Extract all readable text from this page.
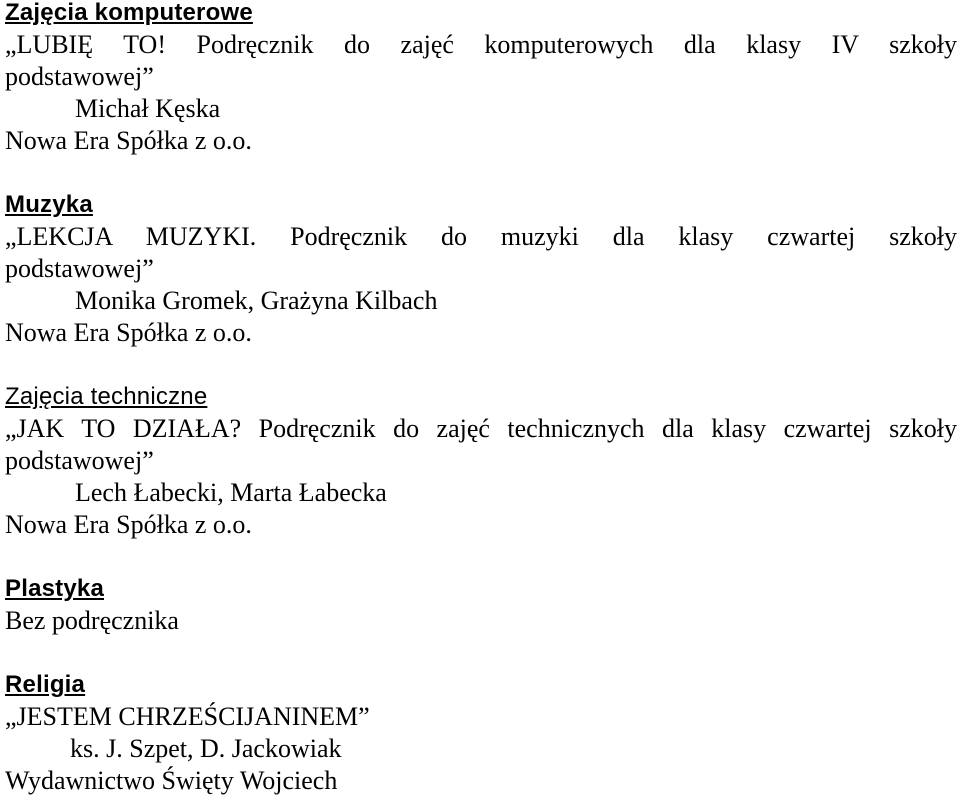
Zajęcia komputerowe
„LUBIĘ TO! Podręcznik do zajęć komputerowych dla klasy IV szkoły
podstawowej”
Michał Kęska
Nowa Era Spółka z o.o.
Muzyka
„LEKCJA MUZYKI. Podręcznik do muzyki dla klasy czwartej szkoły
podstawowej”
Monika Gromek, Grażyna Kilbach
Nowa Era Spółka z o.o.
Zajęcia techniczne
„JAK TO DZIAŁA? Podręcznik do zajęć technicznych dla klasy czwartej szkoły
podstawowej”
Lech Łabecki, Marta Łabecka
Nowa Era Spółka z o.o.
Plastyka
Bez podręcznika
Religia
„JESTEM CHRZEŚCIJANINEM”
ks. J. Szpet, D. Jackowiak
Wydawnictwo Święty Wojciech
